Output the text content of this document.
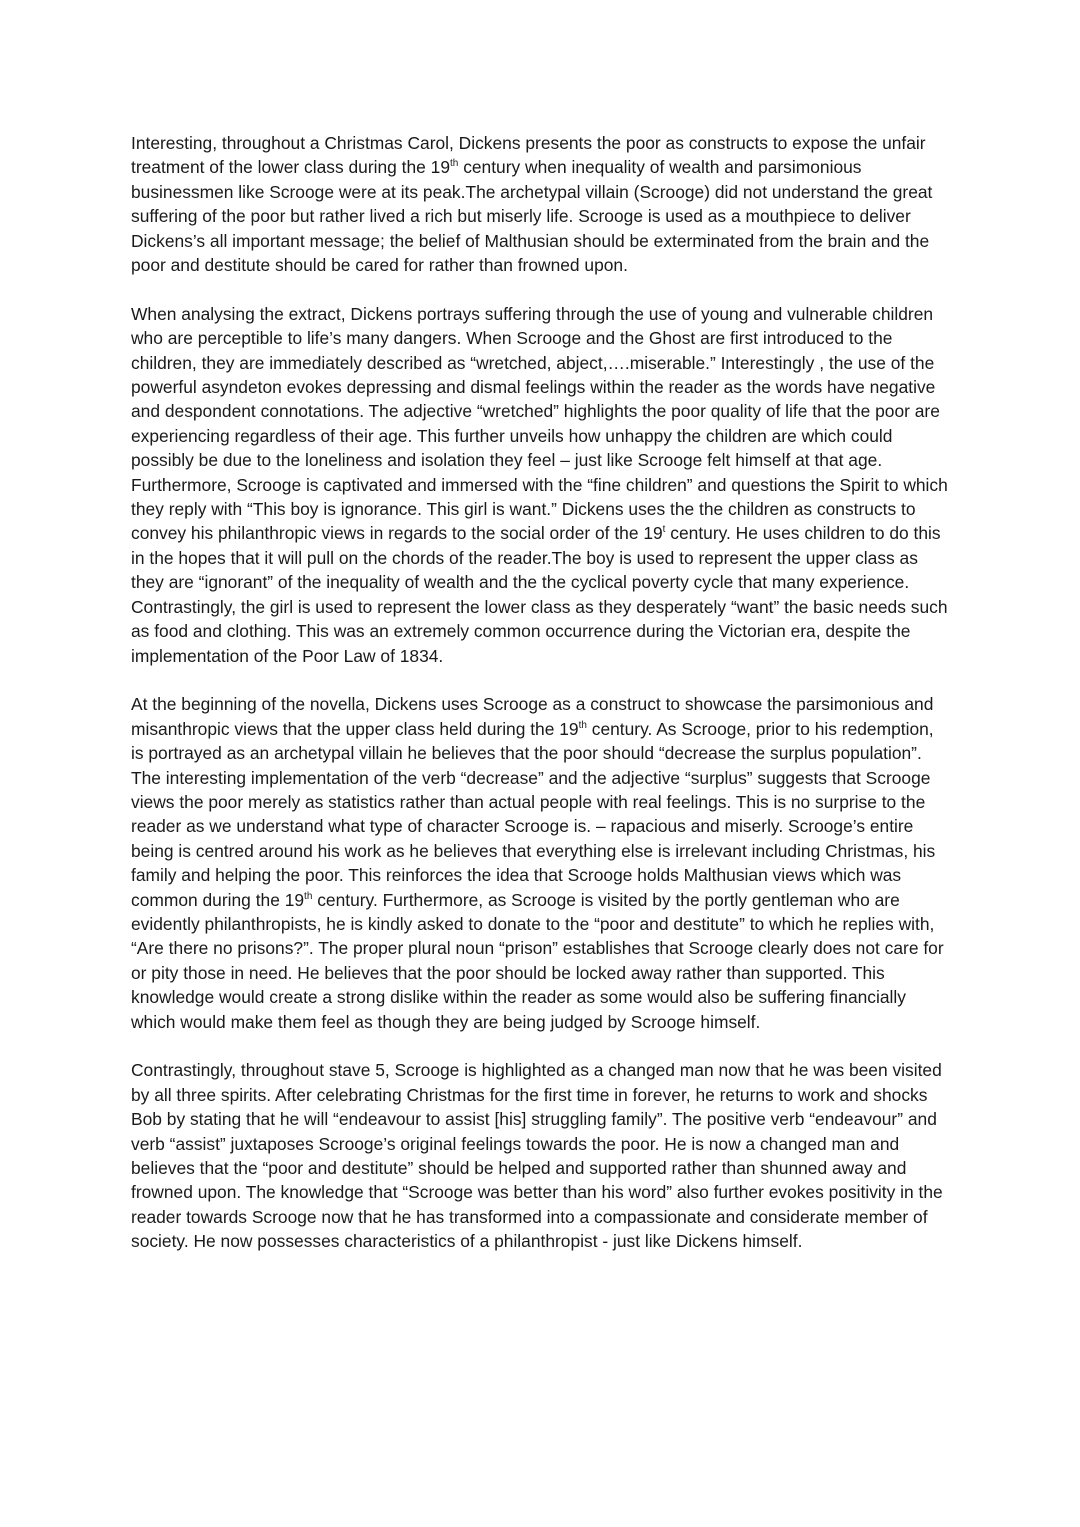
Interesting, throughout a Christmas Carol, Dickens presents the poor as constructs to expose the unfair treatment of the lower class during the 19th century when inequality of wealth and parsimonious businessmen like Scrooge were at its peak.The archetypal villain (Scrooge) did not understand the great suffering of the poor but rather lived a rich but miserly life. Scrooge is used as a mouthpiece to deliver Dickens’s all important message; the belief of Malthusian should be exterminated from the brain and the poor and destitute should be cared for rather than frowned upon.

When analysing the extract, Dickens portrays suffering through the use of young and vulnerable children who are perceptible to life’s many dangers. When Scrooge and the Ghost are first introduced to the children, they are immediately described as “wretched, abject,….miserable.” Interestingly , the use of the powerful asyndeton evokes depressing and dismal feelings within the reader as the words have negative and despondent connotations. The adjective “wretched” highlights the poor quality of life that the poor are experiencing regardless of their age. This further unveils how unhappy the children are which could possibly be due to the loneliness and isolation they feel – just like Scrooge felt himself at that age. Furthermore, Scrooge is captivated and immersed with the “fine children” and questions the Spirit to which they reply with “This boy is ignorance. This girl is want.” Dickens uses the the children as constructs to convey his philanthropic views in regards to the social order of the 19$^t$ century. He uses children to do this in the hopes that it will pull on the chords of the reader.The boy is used to represent the upper class as they are “ignorant” of the inequality of wealth and the the cyclical poverty cycle that many experience. Contrastingly, the girl is used to represent the lower class as they desperately “want” the basic needs such as food and clothing. This was an extremely common occurrence during the Victorian era, despite the implementation of the Poor Law of 1834.

At the beginning of the novella, Dickens uses Scrooge as a construct to showcase the parsimonious and misanthropic views that the upper class held during the 19th century. As Scrooge, prior to his redemption, is portrayed as an archetypal villain he believes that the poor should “decrease the surplus population”. The interesting implementation of the verb “decrease” and the adjective “surplus” suggests that Scrooge views the poor merely as statistics rather than actual people with real feelings. This is no surprise to the reader as we understand what type of character Scrooge is. – rapacious and miserly. Scrooge’s entire being is centred around his work as he believes that everything else is irrelevant including Christmas, his family and helping the poor. This reinforces the idea that Scrooge holds Malthusian views which was common during the 19th century. Furthermore, as Scrooge is visited by the portly gentleman who are evidently philanthropists, he is kindly asked to donate to the “poor and destitute” to which he replies with, “Are there no prisons?”. The proper plural noun “prison” establishes that Scrooge clearly does not care for or pity those in need. He believes that the poor should be locked away rather than supported. This knowledge would create a strong dislike within the reader as some would also be suffering financially which would make them feel as though they are being judged by Scrooge himself.

Contrastingly, throughout stave 5, Scrooge is highlighted as a changed man now that he was been visited by all three spirits. After celebrating Christmas for the first time in forever, he returns to work and shocks Bob by stating that he will “endeavour to assist [his] struggling family”. The positive verb “endeavour” and verb “assist” juxtaposes Scrooge’s original feelings towards the poor. He is now a changed man and believes that the “poor and destitute” should be helped and supported rather than shunned away and frowned upon. The knowledge that “Scrooge was better than his word” also further evokes positivity in the reader towards Scrooge now that he has transformed into a compassionate and considerate member of society. He now possesses characteristics of a philanthropist - just like Dickens himself.
